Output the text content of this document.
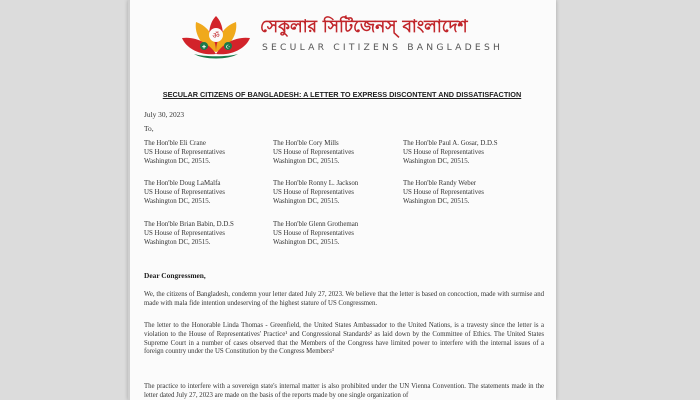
ॐ
✚	☪
সেকুলার সিটিজেনস্ বাংলাদেশ
SECULAR CITIZENS BANGLADESH
SECULAR CITIZENS OF BANGLADESH: A LETTER TO EXPRESS DISCONTENT AND DISSATISFACTION
July 30, 2023
To,
The Hon'ble Eli Crane
US House of Representatives
Washington DC, 20515.
The Hon'ble Cory Mills
US House of Representatives
Washington DC, 20515.
The Hon'ble Paul A. Gosar, D.D.S
US House of Representatives
Washington DC, 20515.
The Hon'ble Doug LaMalfa
US House of Representatives
Washington DC, 20515.
The Hon'ble Ronny L. Jackson
US House of Representatives
Washington DC, 20515.
The Hon'ble Randy Weber
US House of Representatives
Washington DC, 20515.
The Hon'ble Brian Babin, D.D.S
US House of Representatives
Washington DC, 20515.
The Hon'ble Glenn Grotheman
US House of Representatives
Washington DC, 20515.
Dear Congressmen,
We, the citizens of Bangladesh, condemn your letter dated July 27, 2023. We believe that the letter is based on concoction, made with surmise and made with mala fide intention undeserving of the highest stature of US Congressmen.
The letter to the Honorable Linda Thomas - Greenfield, the United States Ambassador to the United Nations, is a travesty since the letter is a violation to the House of Representatives' Practice¹ and Congressional Standards² as laid down by the Committee of Ethics. The United States Supreme Court in a number of cases observed that the Members of the Congress have limited power to interfere with the internal issues of a foreign country under the US Constitution by the Congress Members³
The practice to interfere with a sovereign state's internal matter is also prohibited under the UN Vienna Convention. The statements made in the letter dated July 27, 2023 are made on the basis of the reports made by one single organization of
